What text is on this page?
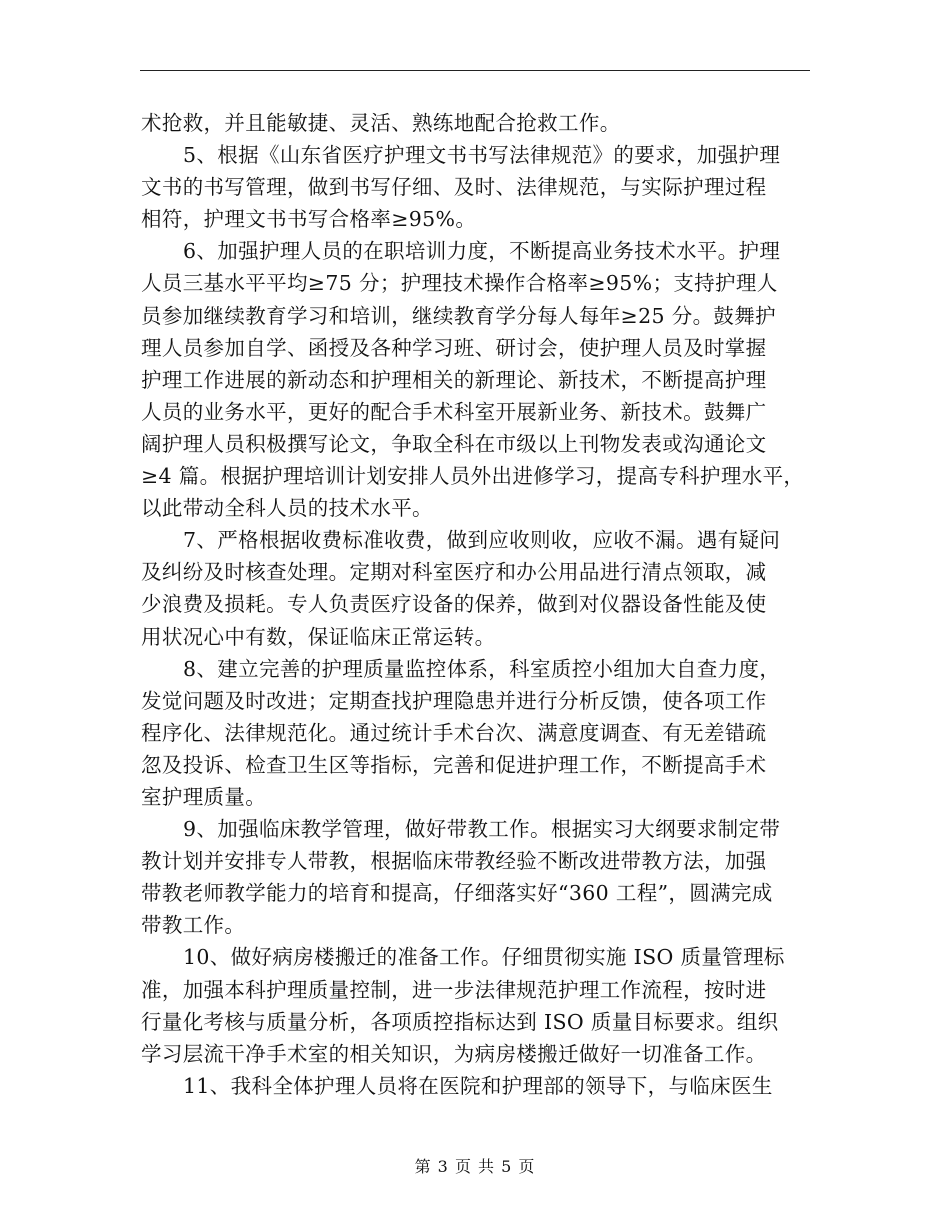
术抢救，并且能敏捷、灵活、熟练地配合抢救工作。
5、根据《山东省医疗护理文书书写法律规范》的要求，加强护理
文书的书写管理，做到书写仔细、及时、法律规范，与实际护理过程
相符，护理文书书写合格率≥95%。
6、加强护理人员的在职培训力度，不断提高业务技术水平。护理
人员三基水平平均≥75 分；护理技术操作合格率≥95%；支持护理人
员参加继续教育学习和培训，继续教育学分每人每年≥25 分。鼓舞护
理人员参加自学、函授及各种学习班、研讨会，使护理人员及时掌握
护理工作进展的新动态和护理相关的新理论、新技术，不断提高护理
人员的业务水平，更好的配合手术科室开展新业务、新技术。鼓舞广
阔护理人员积极撰写论文，争取全科在市级以上刊物发表或沟通论文
≥4 篇。根据护理培训计划安排人员外出进修学习，提高专科护理水平，
以此带动全科人员的技术水平。
7、严格根据收费标准收费，做到应收则收，应收不漏。遇有疑问
及纠纷及时核查处理。定期对科室医疗和办公用品进行清点领取，减
少浪费及损耗。专人负责医疗设备的保养，做到对仪器设备性能及使
用状况心中有数，保证临床正常运转。
8、建立完善的护理质量监控体系，科室质控小组加大自查力度，
发觉问题及时改进；定期查找护理隐患并进行分析反馈，使各项工作
程序化、法律规范化。通过统计手术台次、满意度调查、有无差错疏
忽及投诉、检查卫生区等指标，完善和促进护理工作，不断提高手术
室护理质量。
9、加强临床教学管理，做好带教工作。根据实习大纲要求制定带
教计划并安排专人带教，根据临床带教经验不断改进带教方法，加强
带教老师教学能力的培育和提高，仔细落实好“360 工程”，圆满完成
带教工作。
10、做好病房楼搬迁的准备工作。仔细贯彻实施 ISO 质量管理标
准，加强本科护理质量控制，进一步法律规范护理工作流程，按时进
行量化考核与质量分析，各项质控指标达到 ISO 质量目标要求。组织
学习层流干净手术室的相关知识，为病房楼搬迁做好一切准备工作。
11、我科全体护理人员将在医院和护理部的领导下，与临床医生
第 3 页 共 5 页
